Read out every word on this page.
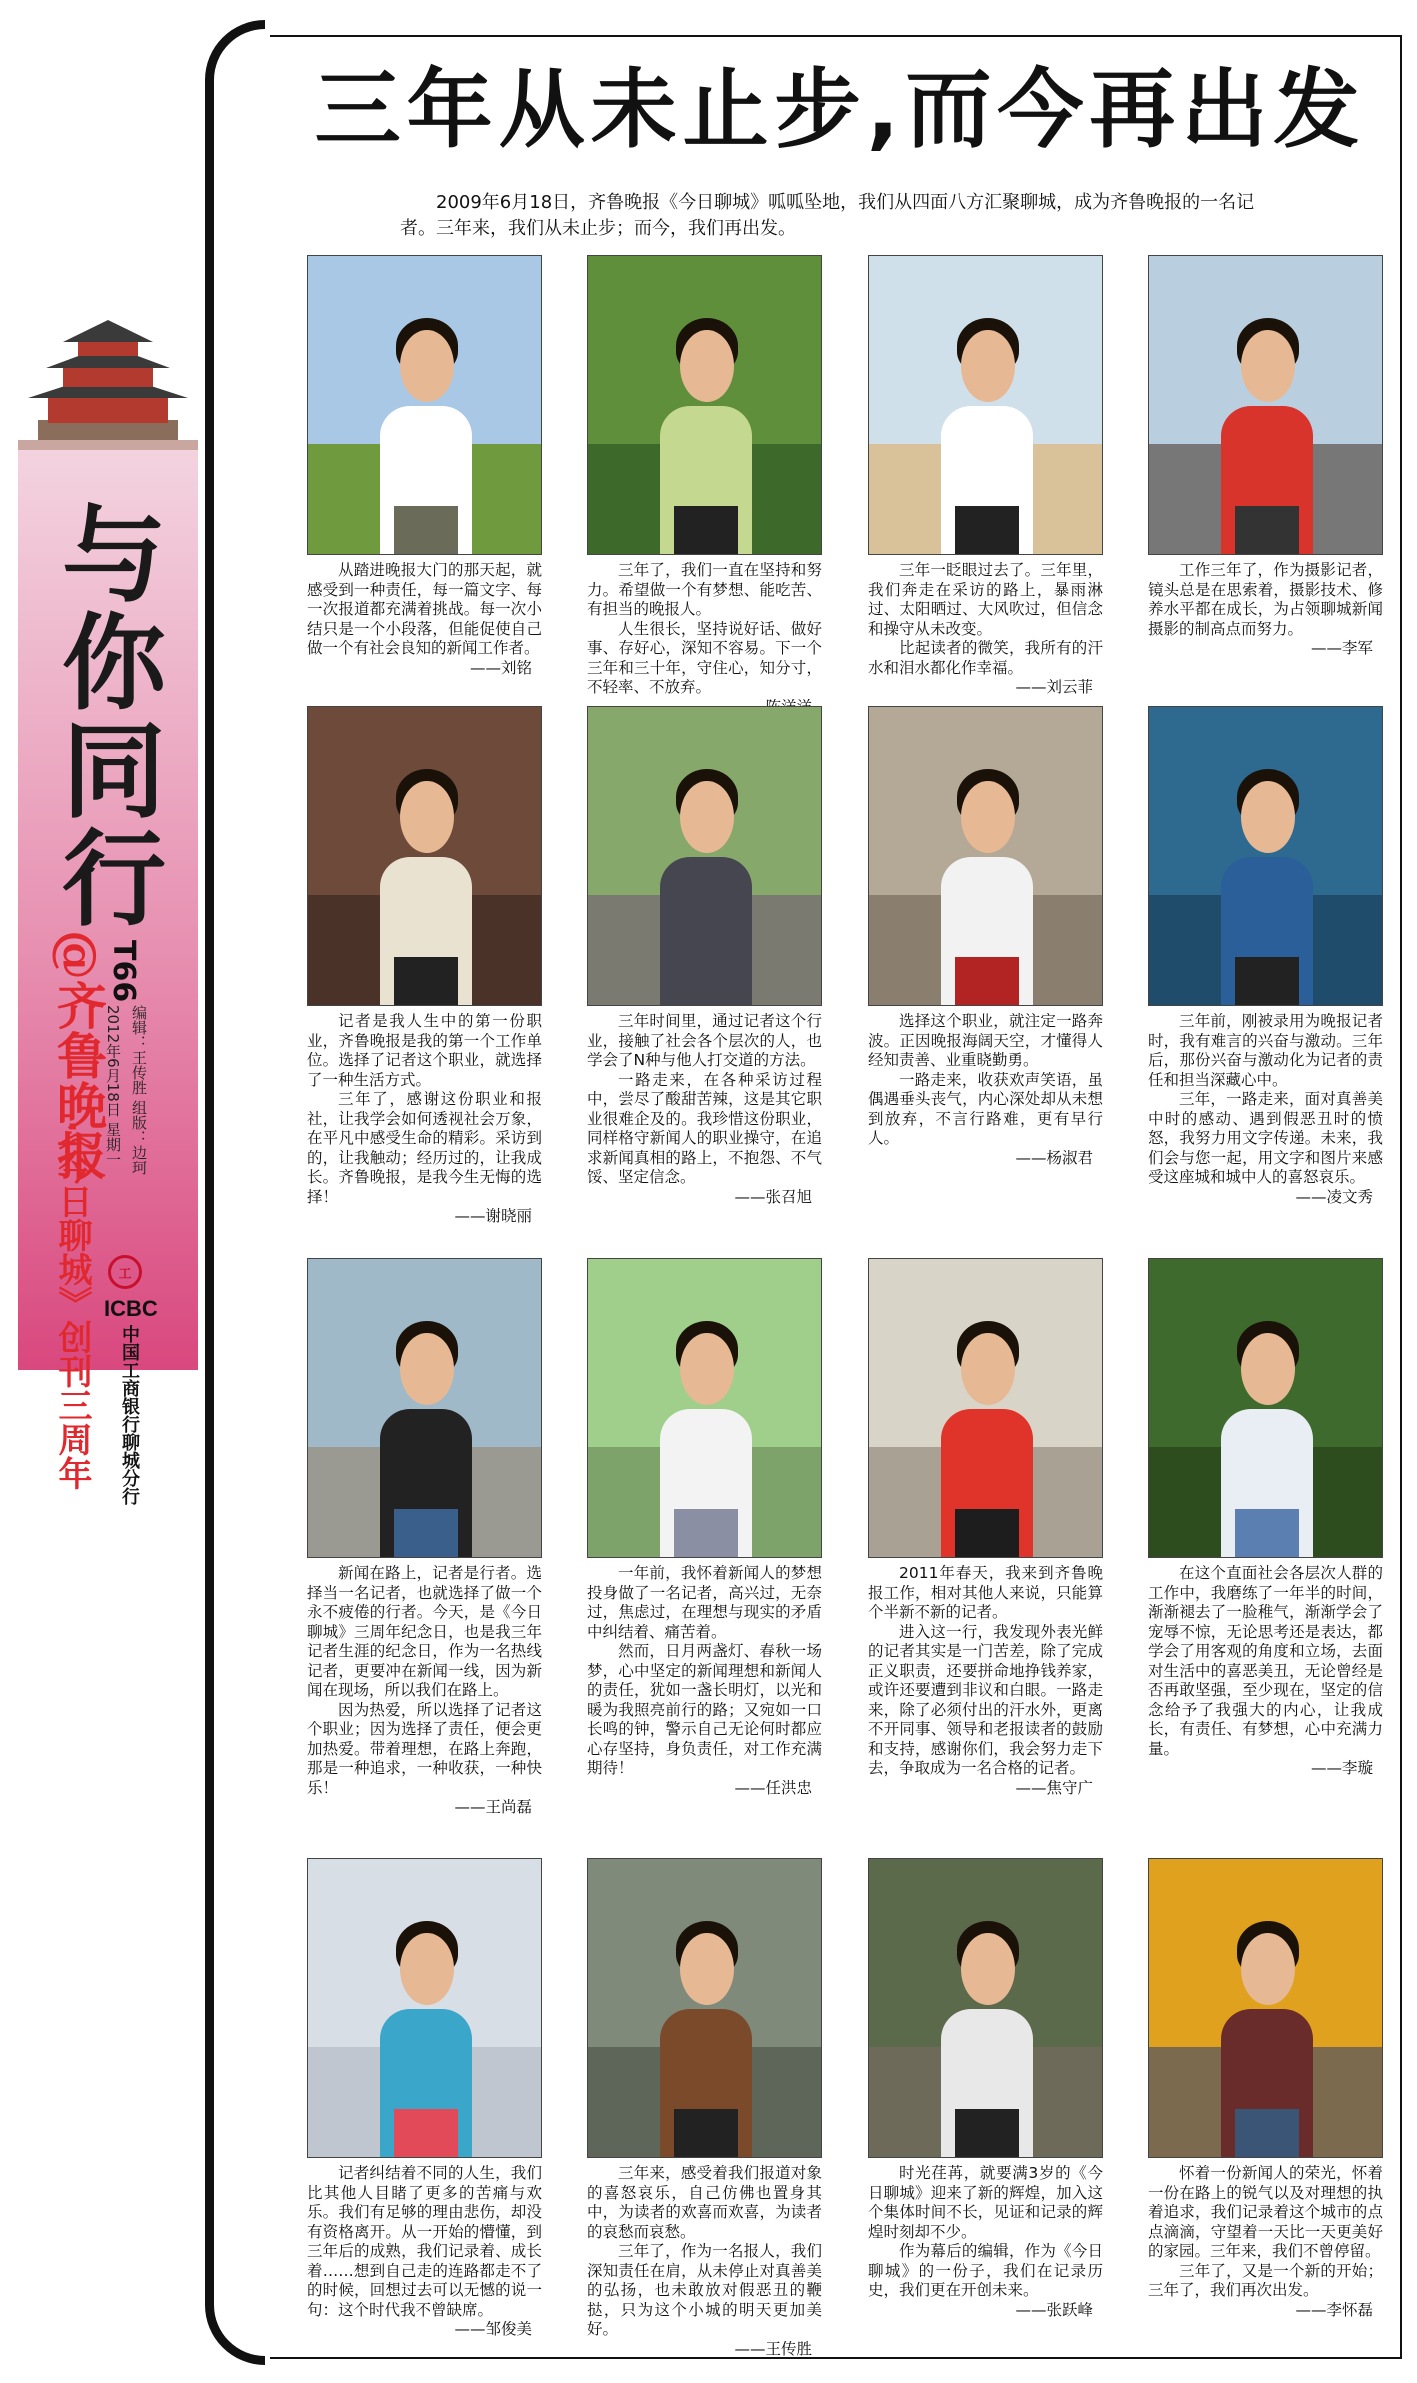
与你同行
@齐鲁晚报
·《今日聊城》创刊三周年
T66
2012年6月18日 星期一 编辑：王传胜 组版：边珂
工
ICBC
中国工商银行聊城分行
三年从未止步,而今再出发
2009年6月18日，齐鲁晚报《今日聊城》呱呱坠地，我们从四面八方汇聚聊城，成为齐鲁晚报的一名记者。三年来，我们从未止步；而今，我们再出发。

从踏进晚报大门的那天起，就感受到一种责任，每一篇文字、每一次报道都充满着挑战。每一次小结只是一个小段落，但能促使自己做一个有社会良知的新闻工作者。

——刘铭

三年了，我们一直在坚持和努力。希望做一个有梦想、能吃苦、有担当的晚报人。

人生很长，坚持说好话、做好事、存好心，深知不容易。下一个三年和三十年，守住心，知分寸，不轻率、不放弃。

三年一眨眼过去了。三年里，我们奔走在采访的路上，暴雨淋过、太阳晒过、大风吹过，但信念和操守从未改变。

比起读者的微笑，我所有的汗水和泪水都化作幸福。

——刘云菲

工作三年了，作为摄影记者，镜头总是在思索着，摄影技术、修养水平都在成长，为占领聊城新闻摄影的制高点而努力。

——李军

记者是我人生中的第一份职业，齐鲁晚报是我的第一个工作单位。选择了记者这个职业，就选择了一种生活方式。

三年了，感谢这份职业和报社，让我学会如何透视社会万象，在平凡中感受生命的精彩。采访到的，让我触动；经历过的，让我成长。齐鲁晚报，是我今生无悔的选择！

——谢晓丽

三年时间里，通过记者这个行业，接触了社会各个层次的人，也学会了N种与他人打交道的方法。

一路走来，在各种采访过程中，尝尽了酸甜苦辣，这是其它职业很难企及的。我珍惜这份职业，同样格守新闻人的职业操守，在追求新闻真相的路上，不抱怨、不气馁、坚定信念。

——张召旭

选择这个职业，就注定一路奔波。正因晚报海阔天空，才懂得人经知责善、业重晓勤勇。

一路走来，收获欢声笑语，虽偶遇垂头丧气，内心深处却从未想到放弃，不言行路难，更有早行人。

——杨淑君

三年前，刚被录用为晚报记者时，我有难言的兴奋与激动。三年后，那份兴奋与激动化为记者的责任和担当深藏心中。

三年，一路走来，面对真善美中时的感动、遇到假恶丑时的愤怒，我努力用文字传递。未来，我们会与您一起，用文字和图片来感受这座城和城中人的喜怒哀乐。

——凌文秀

新闻在路上，记者是行者。选择当一名记者，也就选择了做一个永不疲倦的行者。今天，是《今日聊城》三周年纪念日，也是我三年记者生涯的纪念日，作为一名热线记者，更要冲在新闻一线，因为新闻在现场，所以我们在路上。

因为热爱，所以选择了记者这个职业；因为选择了责任，便会更加热爱。带着理想，在路上奔跑，那是一种追求，一种收获，一种快乐！

——王尚磊

一年前，我怀着新闻人的梦想投身做了一名记者，高兴过，无奈过，焦虑过，在理想与现实的矛盾中纠结着、痛苦着。

然而，日月两盏灯、春秋一场梦，心中坚定的新闻理想和新闻人的责任，犹如一盏长明灯，以光和暖为我照亮前行的路；又宛如一口长鸣的钟，警示自己无论何时都应心存坚持，身负责任，对工作充满期待！

——任洪忠

2011年春天，我来到齐鲁晚报工作，相对其他人来说，只能算个半新不新的记者。

进入这一行，我发现外表光鲜的记者其实是一门苦差，除了完成正义职责，还要拼命地挣钱养家，或许还要遭到非议和白眼。一路走来，除了必须付出的汗水外，更离不开同事、领导和老报读者的鼓励和支持，感谢你们，我会努力走下去，争取成为一名合格的记者。

——焦守广

在这个直面社会各层次人群的工作中，我磨练了一年半的时间，渐渐褪去了一脸稚气，渐渐学会了宠辱不惊，无论思考还是表达，都学会了用客观的角度和立场，去面对生活中的喜恶美丑，无论曾经是否再敢坚强，至少现在，坚定的信念给予了我强大的内心，让我成长，有责任、有梦想，心中充满力量。

——李璇

记者纠结着不同的人生，我们比其他人目睹了更多的苦痛与欢乐。我们有足够的理由悲伤，却没有资格离开。从一开始的懵懂，到三年后的成熟，我们记录着、成长着……想到自己走的连路都走不了的时候，回想过去可以无憾的说一句：这个时代我不曾缺席。

——邹俊美

三年来，感受着我们报道对象的喜怒哀乐，自己仿佛也置身其中，为读者的欢喜而欢喜，为读者的哀愁而哀愁。

三年了，作为一名报人，我们深知责任在肩，从未停止对真善美的弘扬，也未敢放对假恶丑的鞭挞，只为这个小城的明天更加美好。

——王传胜

时光荏苒，就要满3岁的《今日聊城》迎来了新的辉煌，加入这个集体时间不长，见证和记录的辉煌时刻却不少。

作为幕后的编辑，作为《今日聊城》的一份子，我们在记录历史，我们更在开创未来。

——张跃峰

怀着一份新闻人的荣光，怀着一份在路上的锐气以及对理想的执着追求，我们记录着这个城市的点点滴滴，守望着一天比一天更美好的家园。三年来，我们不曾停留。

三年了，又是一个新的开始；三年了，我们再次出发。

——李怀磊
